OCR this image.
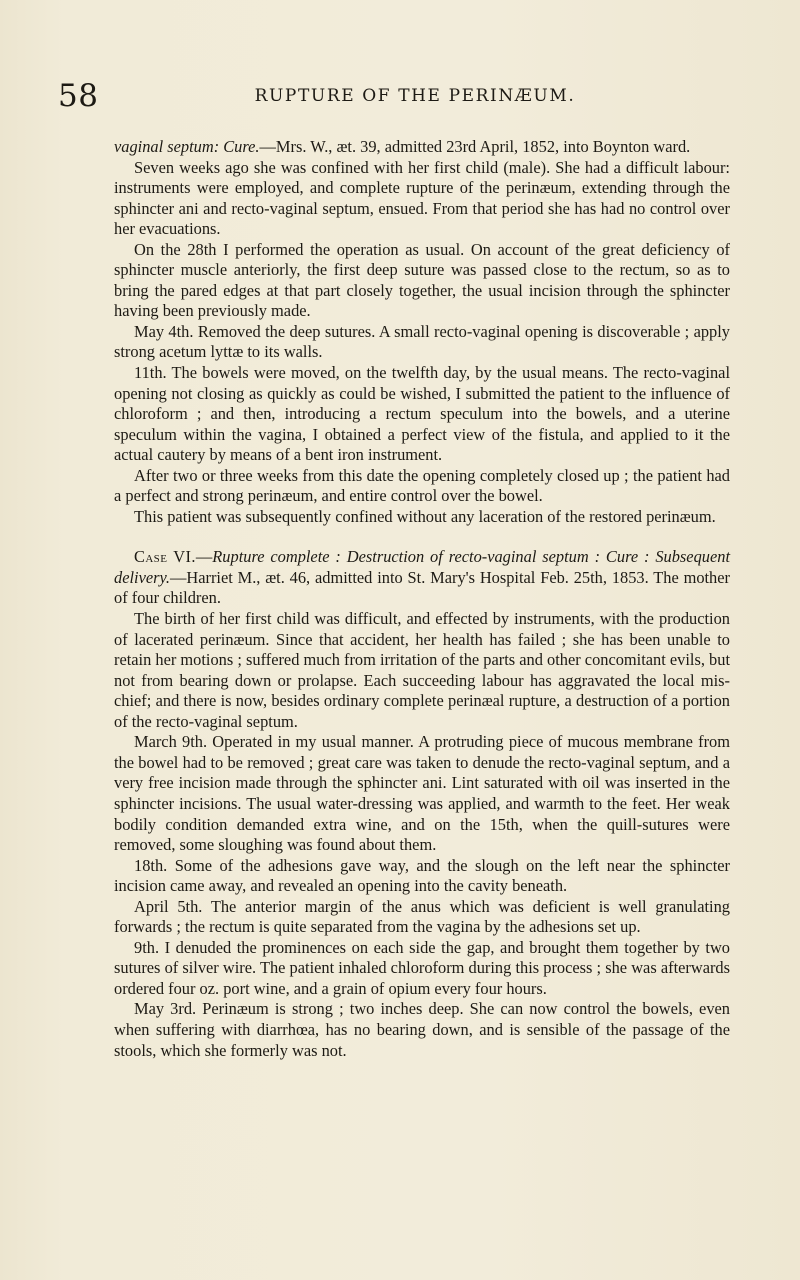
58	RUPTURE OF THE PERINÆUM.

vaginal septum: Cure.—Mrs. W., æt. 39, admitted 23rd April, 1852, into Boynton ward.

Seven weeks ago she was confined with her first child (male). She had a difficult labour: instruments were employed, and complete rupture of the perinæum, extending through the sphincter ani and recto-vaginal septum, ensued. From that period she has had no control over her evacuations.

On the 28th I performed the operation as usual. On account of the great deficiency of sphincter muscle anteriorly, the first deep suture was passed close to the rectum, so as to bring the pared edges at that part closely together, the usual incision through the sphincter having been previously made.

May 4th. Removed the deep sutures. A small recto-vaginal opening is discoverable ; apply strong acetum lyttæ to its walls.

11th. The bowels were moved, on the twelfth day, by the usual means. The recto-vaginal opening not closing as quickly as could be wished, I submitted the patient to the influence of chloroform ; and then, introducing a rectum speculum into the bowels, and a uterine speculum within the vagina, I obtained a perfect view of the fistula, and applied to it the actual cautery by means of a bent iron instrument.

After two or three weeks from this date the opening completely closed up ; the patient had a perfect and strong perinæum, and entire control over the bowel.

This patient was subsequently confined without any laceration of the restored perinæum.

Case VI.—Rupture complete : Destruction of recto-vaginal septum : Cure : Subsequent delivery.—Harriet M., æt. 46, admitted into St. Mary's Hospital Feb. 25th, 1853. The mother of four children.

The birth of her first child was difficult, and effected by instruments, with the production of lacerated perinæum. Since that accident, her health has failed ; she has been unable to retain her motions ; suffered much from irritation of the parts and other concomitant evils, but not from bearing down or prolapse. Each succeeding labour has aggravated the local mis-chief; and there is now, besides ordinary complete perinæal rupture, a destruction of a portion of the recto-vaginal septum.

March 9th. Operated in my usual manner. A protruding piece of mucous membrane from the bowel had to be removed ; great care was taken to denude the recto-vaginal septum, and a very free incision made through the sphincter ani. Lint saturated with oil was inserted in the sphincter incisions. The usual water-dressing was applied, and warmth to the feet. Her weak bodily condition demanded extra wine, and on the 15th, when the quill-sutures were removed, some sloughing was found about them.

18th. Some of the adhesions gave way, and the slough on the left near the sphincter incision came away, and revealed an opening into the cavity beneath.

April 5th. The anterior margin of the anus which was deficient is well granulating forwards ; the rectum is quite separated from the vagina by the adhesions set up.

9th. I denuded the prominences on each side the gap, and brought them together by two sutures of silver wire. The patient inhaled chloroform during this process ; she was afterwards ordered four oz. port wine, and a grain of opium every four hours.

May 3rd. Perinæum is strong ; two inches deep. She can now control the bowels, even when suffering with diarrhœa, has no bearing down, and is sensible of the passage of the stools, which she formerly was not.
